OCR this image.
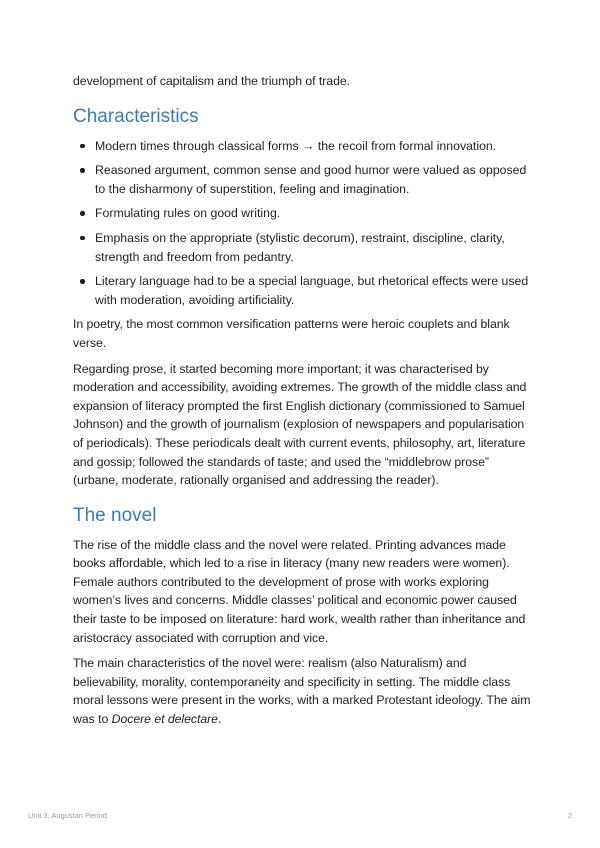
development of capitalism and the triumph of trade.

Characteristics
Modern times through classical forms → the recoil from formal innovation.
Reasoned argument, common sense and good humor were valued as opposed to the disharmony of superstition, feeling and imagination.
Formulating rules on good writing.
Emphasis on the appropriate (stylistic decorum), restraint, discipline, clarity, strength and freedom from pedantry.
Literary language had to be a special language, but rhetorical effects were used with moderation, avoiding artificiality.

In poetry, the most common versification patterns were heroic couplets and blank verse.

Regarding prose, it started becoming more important; it was characterised by moderation and accessibility, avoiding extremes. The growth of the middle class and expansion of literacy prompted the first English dictionary (commissioned to Samuel Johnson) and the growth of journalism (explosion of newspapers and popularisation of periodicals). These periodicals dealt with current events, philosophy, art, literature and gossip; followed the standards of taste; and used the “middlebrow prose” (urbane, moderate, rationally organised and addressing the reader).

The novel

The rise of the middle class and the novel were related. Printing advances made books affordable, which led to a rise in literacy (many new readers were women). Female authors contributed to the development of prose with works exploring women’s lives and concerns. Middle classes’ political and economic power caused their taste to be imposed on literature: hard work, wealth rather than inheritance and aristocracy associated with corruption and vice.

The main characteristics of the novel were: realism (also Naturalism) and believability, morality, contemporaneity and specificity in setting. The middle class moral lessons were present in the works, with a marked Protestant ideology. The aim was to Docere et delectare.

Unit 3: Augustan Period	2
